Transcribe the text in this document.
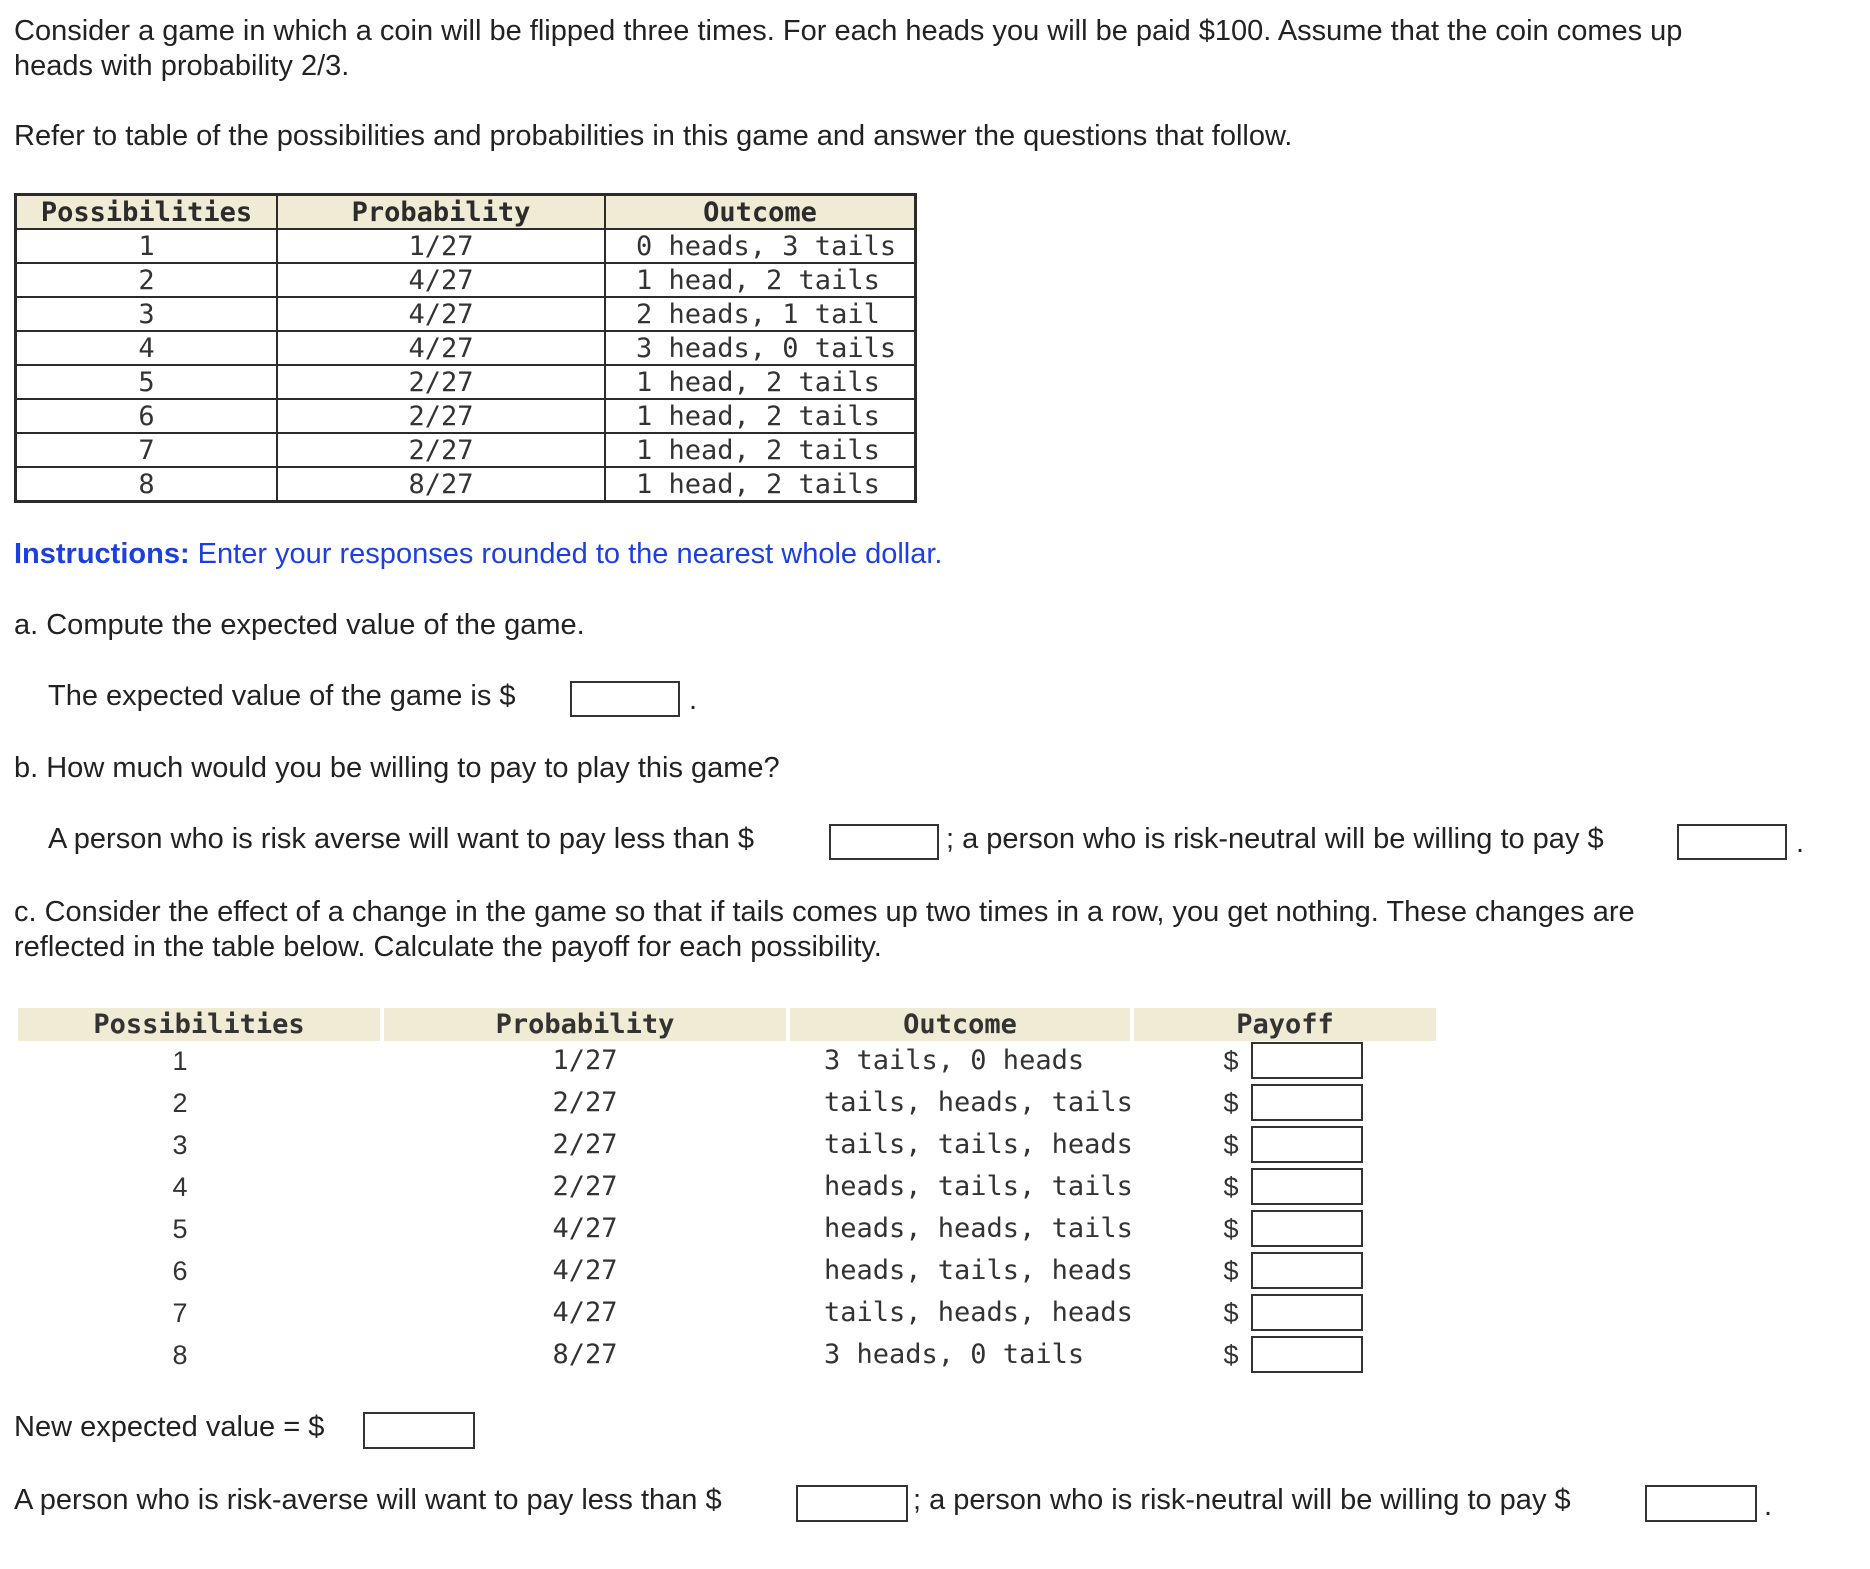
Consider a game in which a coin will be flipped three times. For each heads you will be paid $100. Assume that the coin comes up
heads with probability 2/3.
Refer to table of the possibilities and probabilities in this game and answer the questions that follow.
Possibilities	Probability	Outcome
1	1/27	0 heads, 3 tails
2	4/27	1 head, 2 tails
3	4/27	2 heads, 1 tail
4	4/27	3 heads, 0 tails
5	2/27	1 head, 2 tails
6	2/27	1 head, 2 tails
7	2/27	1 head, 2 tails
8	8/27	1 head, 2 tails
Instructions: Enter your responses rounded to the nearest whole dollar.
a. Compute the expected value of the game.
The expected value of the game is $	.
b. How much would you be willing to pay to play this game?
A person who is risk averse will want to pay less than $	; a person who is risk-neutral will be willing to pay $	.
c. Consider the effect of a change in the game so that if tails comes up two times in a row, you get nothing. These changes are
reflected in the table below. Calculate the payoff for each possibility.
Possibilities	Probability	Outcome	Payoff
1	1/27	3 tails, 0 heads	$
2	2/27	tails, heads, tails	$
3	2/27	tails, tails, heads	$
4	2/27	heads, tails, tails	$
5	4/27	heads, heads, tails	$
6	4/27	heads, tails, heads	$
7	4/27	tails, heads, heads	$
8	8/27	3 heads, 0 tails	$
New expected value = $
A person who is risk-averse will want to pay less than $	; a person who is risk-neutral will be willing to pay $	.
